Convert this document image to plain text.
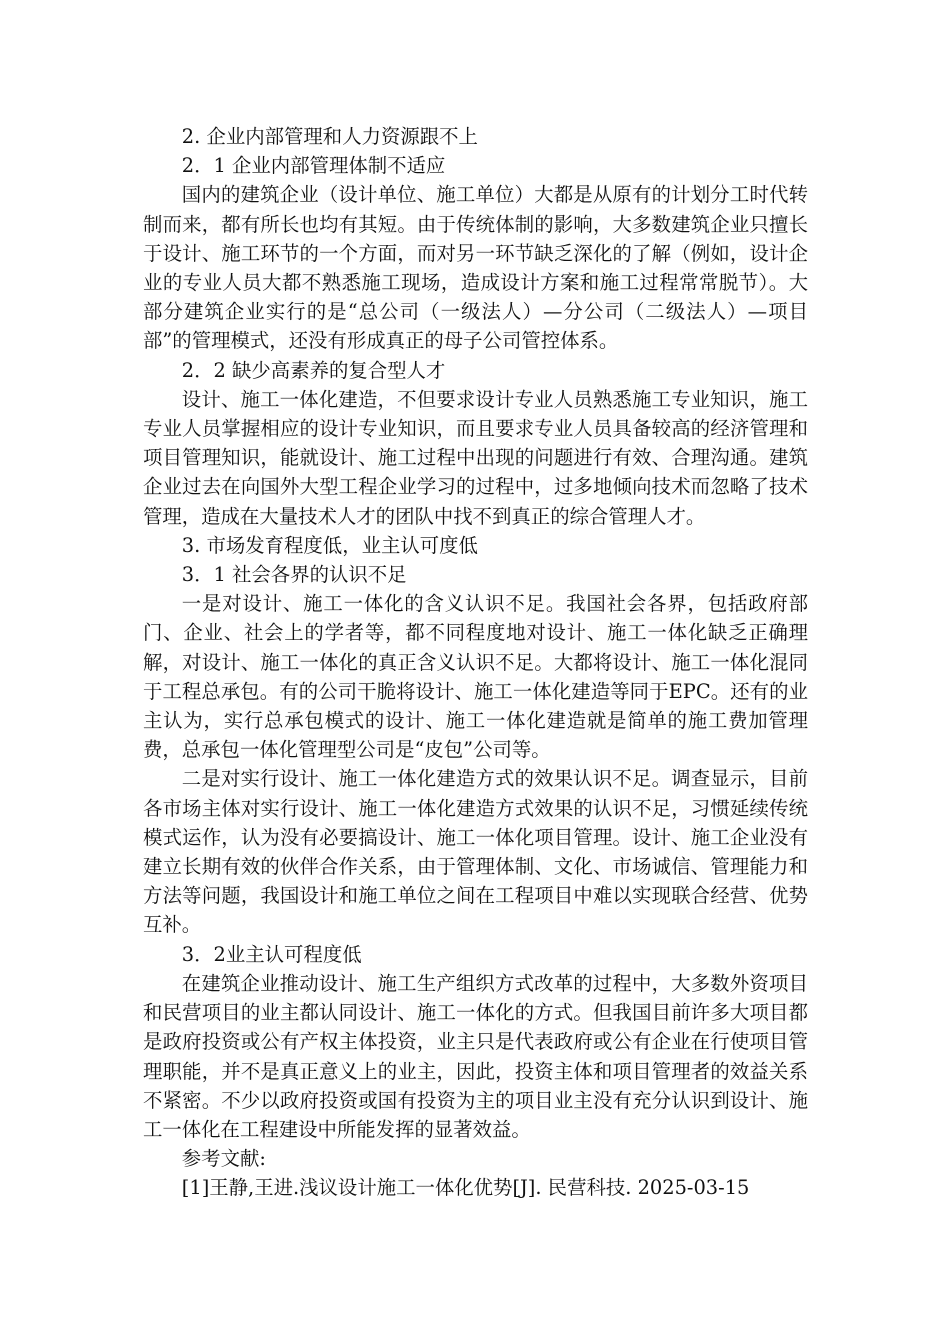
2. 企业内部管理和人力资源跟不上

2．1 企业内部管理体制不适应

国内的建筑企业（设计单位、施工单位）大都是从原有的计划分工时代转制而来，都有所长也均有其短。由于传统体制的影响，大多数建筑企业只擅长于设计、施工环节的一个方面，而对另一环节缺乏深化的了解（例如，设计企业的专业人员大都不熟悉施工现场，造成设计方案和施工过程常常脱节）。大部分建筑企业实行的是“总公司（一级法人）—分公司（二级法人）—项目部”的管理模式，还没有形成真正的母子公司管控体系。

2．2 缺少高素养的复合型人才

设计、施工一体化建造，不但要求设计专业人员熟悉施工专业知识，施工专业人员掌握相应的设计专业知识，而且要求专业人员具备较高的经济管理和项目管理知识，能就设计、施工过程中出现的问题进行有效、合理沟通。建筑企业过去在向国外大型工程企业学习的过程中，过多地倾向技术而忽略了技术管理，造成在大量技术人才的团队中找不到真正的综合管理人才。

3. 市场发育程度低，业主认可度低

3．1 社会各界的认识不足

一是对设计、施工一体化的含义认识不足。我国社会各界，包括政府部门、企业、社会上的学者等，都不同程度地对设计、施工一体化缺乏正确理解，对设计、施工一体化的真正含义认识不足。大都将设计、施工一体化混同于工程总承包。有的公司干脆将设计、施工一体化建造等同于EPC。还有的业主认为，实行总承包模式的设计、施工一体化建造就是简单的施工费加管理费，总承包一体化管理型公司是“皮包”公司等。

二是对实行设计、施工一体化建造方式的效果认识不足。调查显示，目前各市场主体对实行设计、施工一体化建造方式效果的认识不足，习惯延续传统模式运作，认为没有必要搞设计、施工一体化项目管理。设计、施工企业没有建立长期有效的伙伴合作关系，由于管理体制、文化、市场诚信、管理能力和方法等问题，我国设计和施工单位之间在工程项目中难以实现联合经营、优势互补。

3．2业主认可程度低

在建筑企业推动设计、施工生产组织方式改革的过程中，大多数外资项目和民营项目的业主都认同设计、施工一体化的方式。但我国目前许多大项目都是政府投资或公有产权主体投资，业主只是代表政府或公有企业在行使项目管理职能，并不是真正意义上的业主，因此，投资主体和项目管理者的效益关系不紧密。不少以政府投资或国有投资为主的项目业主没有充分认识到设计、施工一体化在工程建设中所能发挥的显著效益。

参考文献:

[1]王静,王进.浅议设计施工一体化优势[J]. 民营科技. 2025-03-15
